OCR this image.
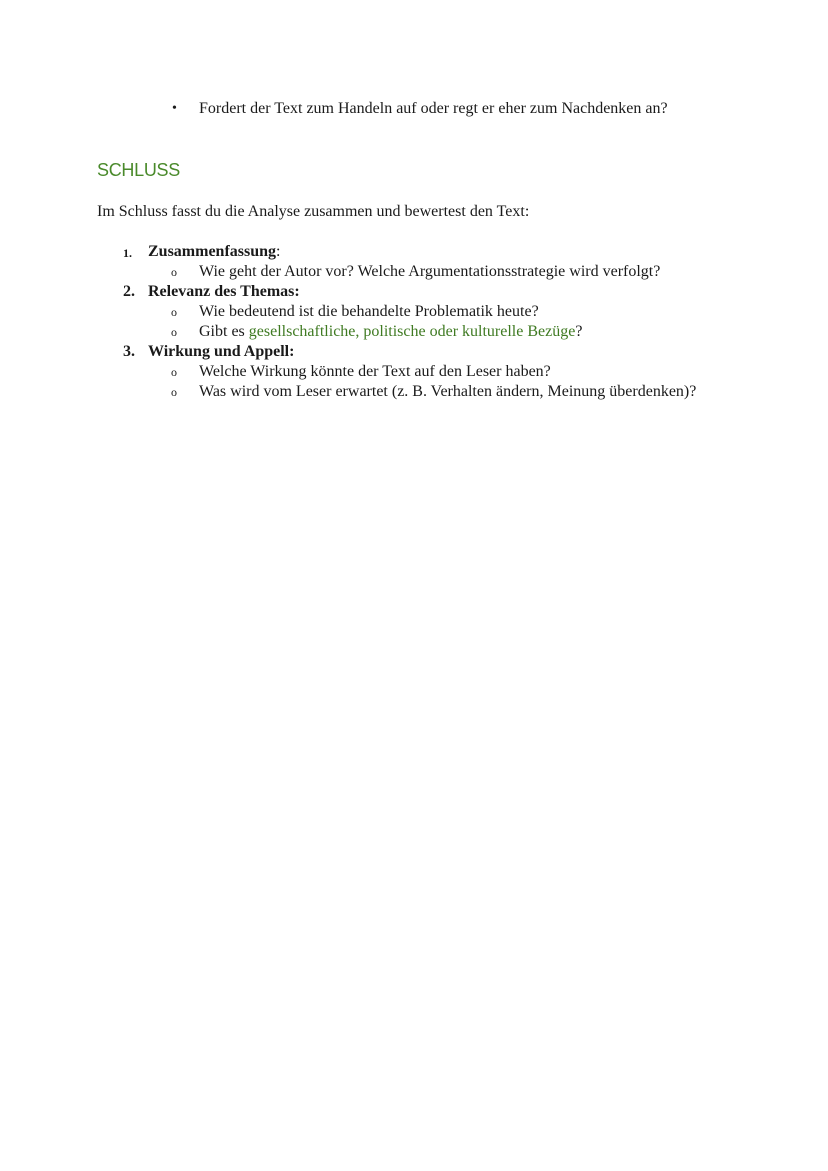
•	Fordert der Text zum Handeln auf oder regt er eher zum Nachdenken an?
SCHLUSS
Im Schluss fasst du die Analyse zusammen und bewertest den Text:
1. Zusammenfassung:
o Wie geht der Autor vor? Welche Argumentationsstrategie wird verfolgt?
2. Relevanz des Themas:
o Wie bedeutend ist die behandelte Problematik heute?
o Gibt es gesellschaftliche, politische oder kulturelle Bezüge?
3. Wirkung und Appell:
o Welche Wirkung könnte der Text auf den Leser haben?
o Was wird vom Leser erwartet (z. B. Verhalten ändern, Meinung überdenken)?
